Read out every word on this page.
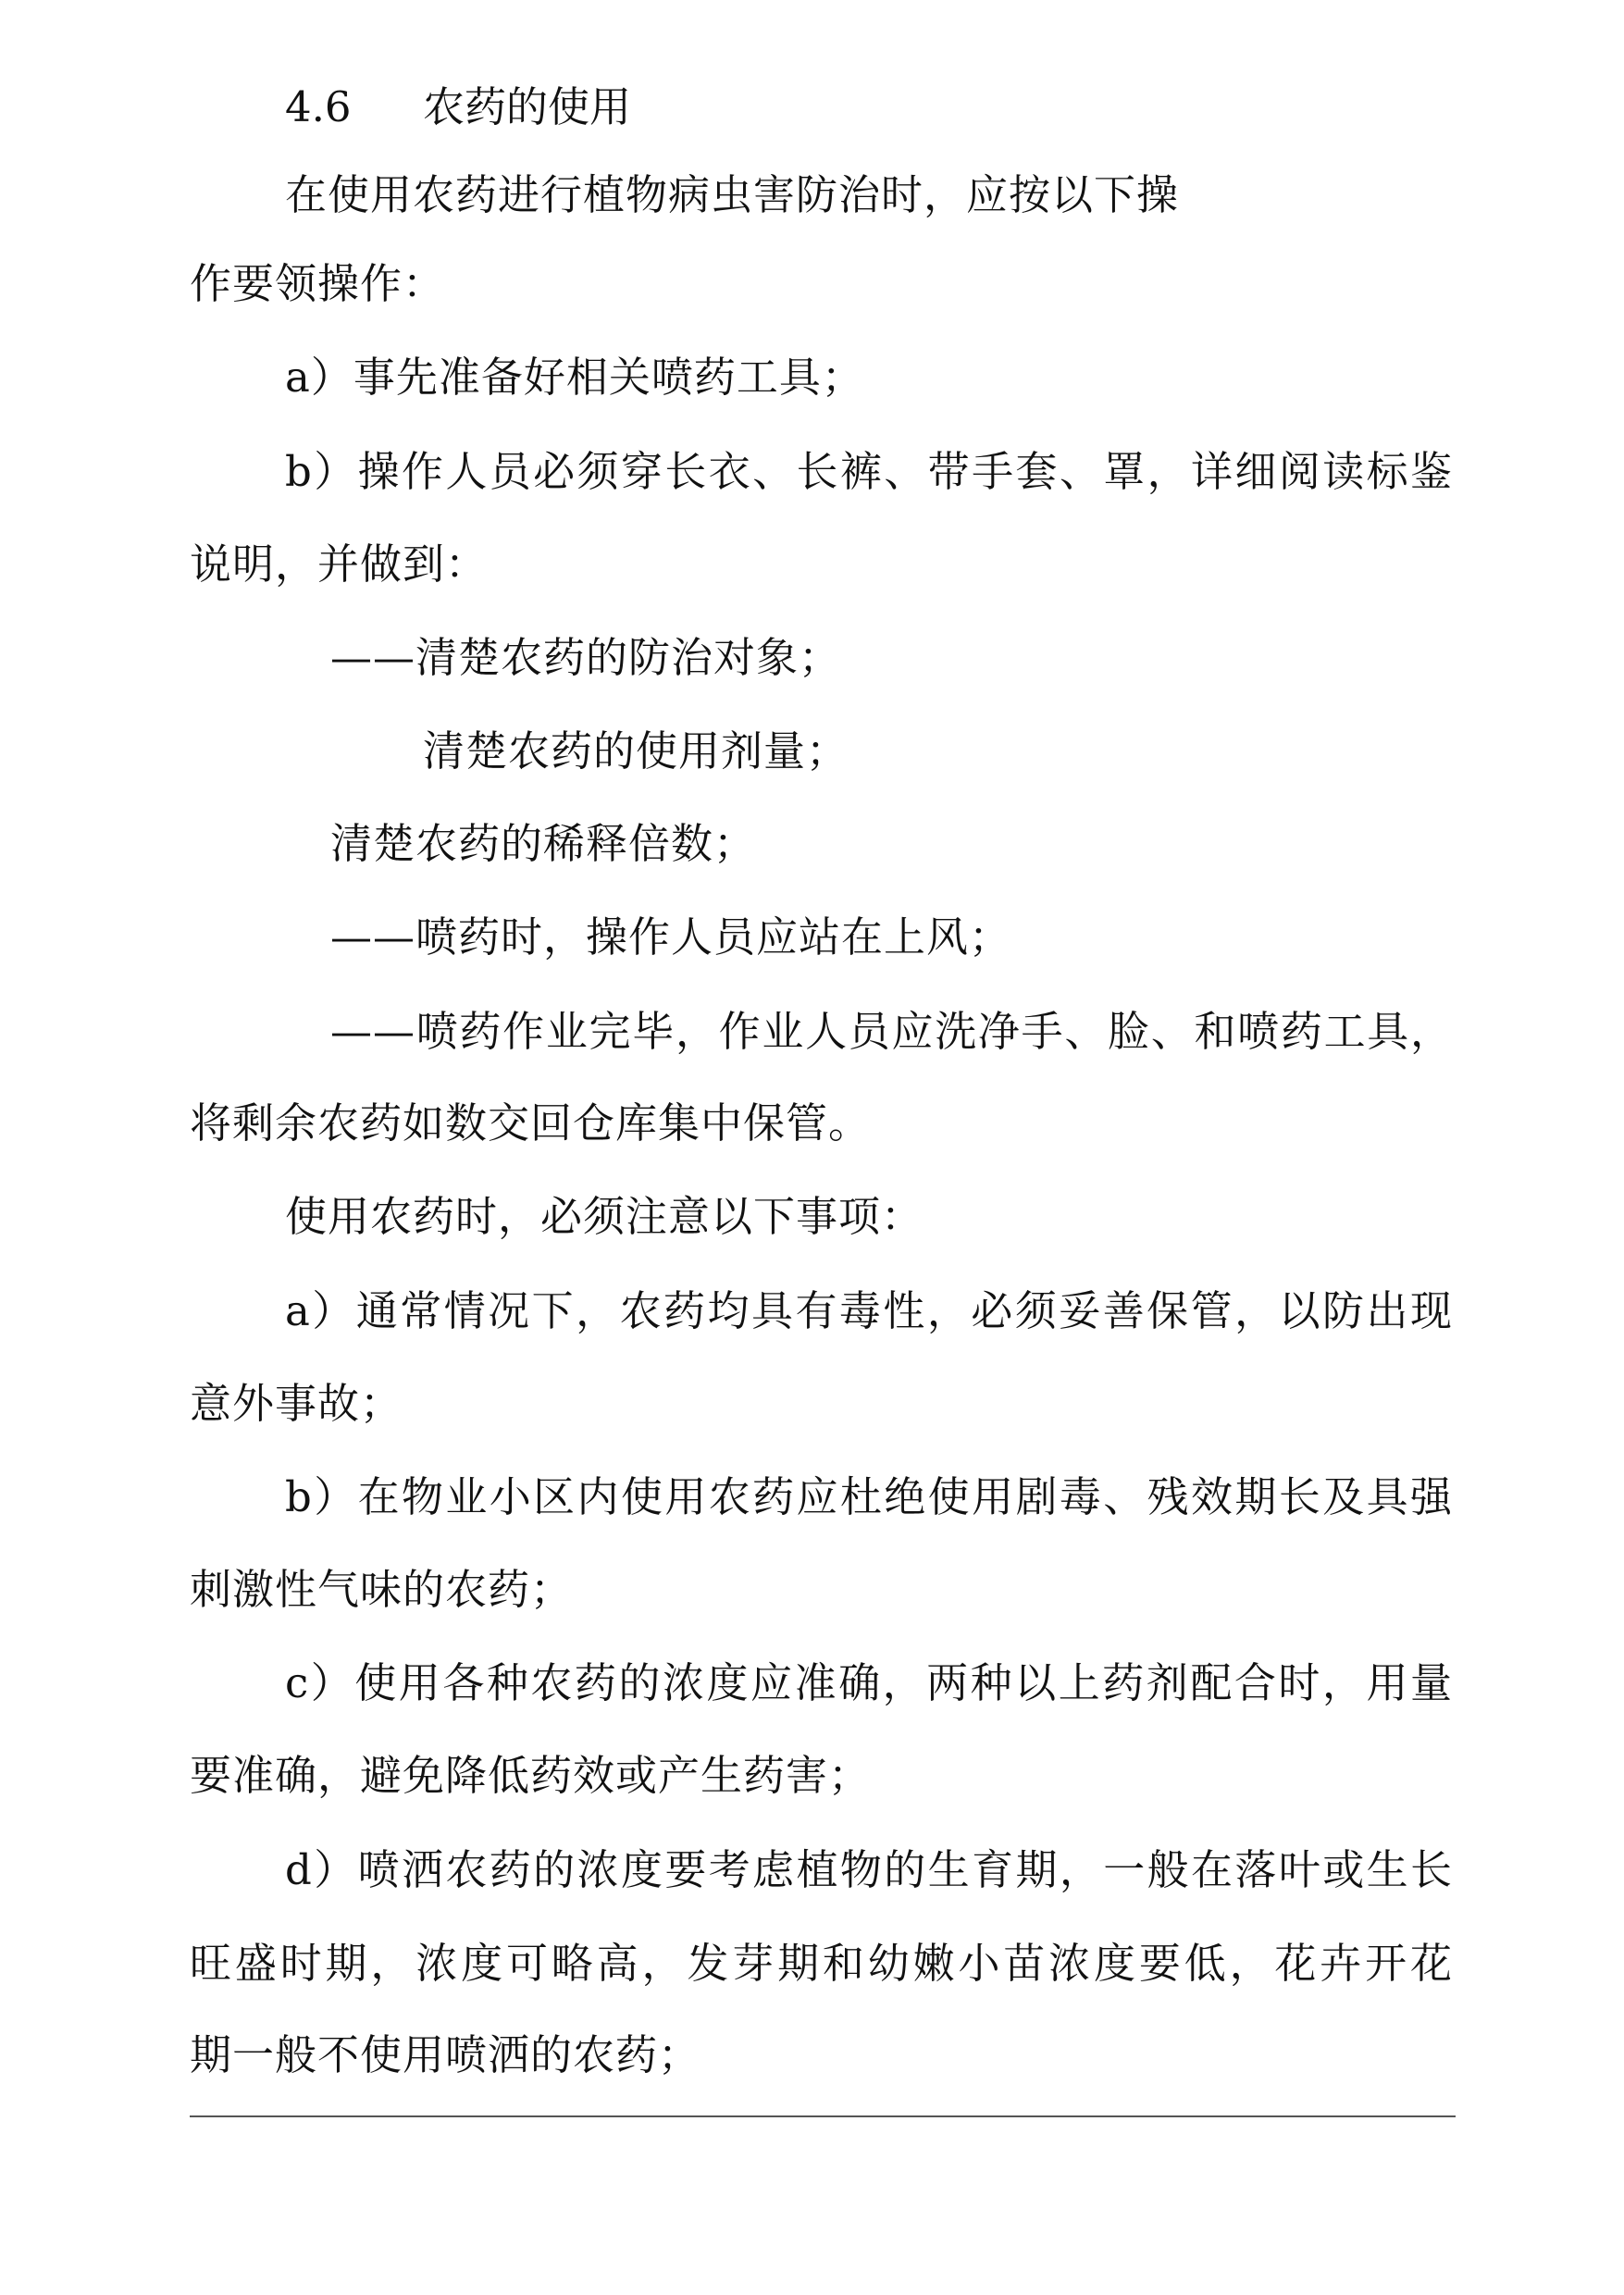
4.6 农药的使用
在使用农药进行植物病虫害防治时，应按以下操
作要领操作：
a）事先准备好相关喷药工具；
b）操作人员必须穿长衣、长裤、带手套、罩，详细阅读标鉴
说明，并做到：
——清楚农药的防治对象；
清楚农药的使用剂量；
清楚农药的稀释倍数；
——喷药时，操作人员应站在上风；
——喷药作业完毕，作业人员应洗净手、脸、和喷药工具，
将剩余农药如数交回仓库集中保管。
使用农药时，必须注意以下事项：
a）通常情况下，农药均具有毒性，必须妥善保管，以防出现
意外事故；
b）在物业小区内使用农药应杜绝使用剧毒、残效期长及具强
刺激性气味的农药；
c）使用各种农药的浓度应准确，两种以上药剂配合时，用量
要准确，避免降低药效或产生药害；
d）喷洒农药的浓度要考虑植物的生育期，一般在落叶或生长
旺盛时期，浓度可略高，发芽期和幼嫩小苗浓度要低，花卉开花
期一般不使用喷洒的农药；
